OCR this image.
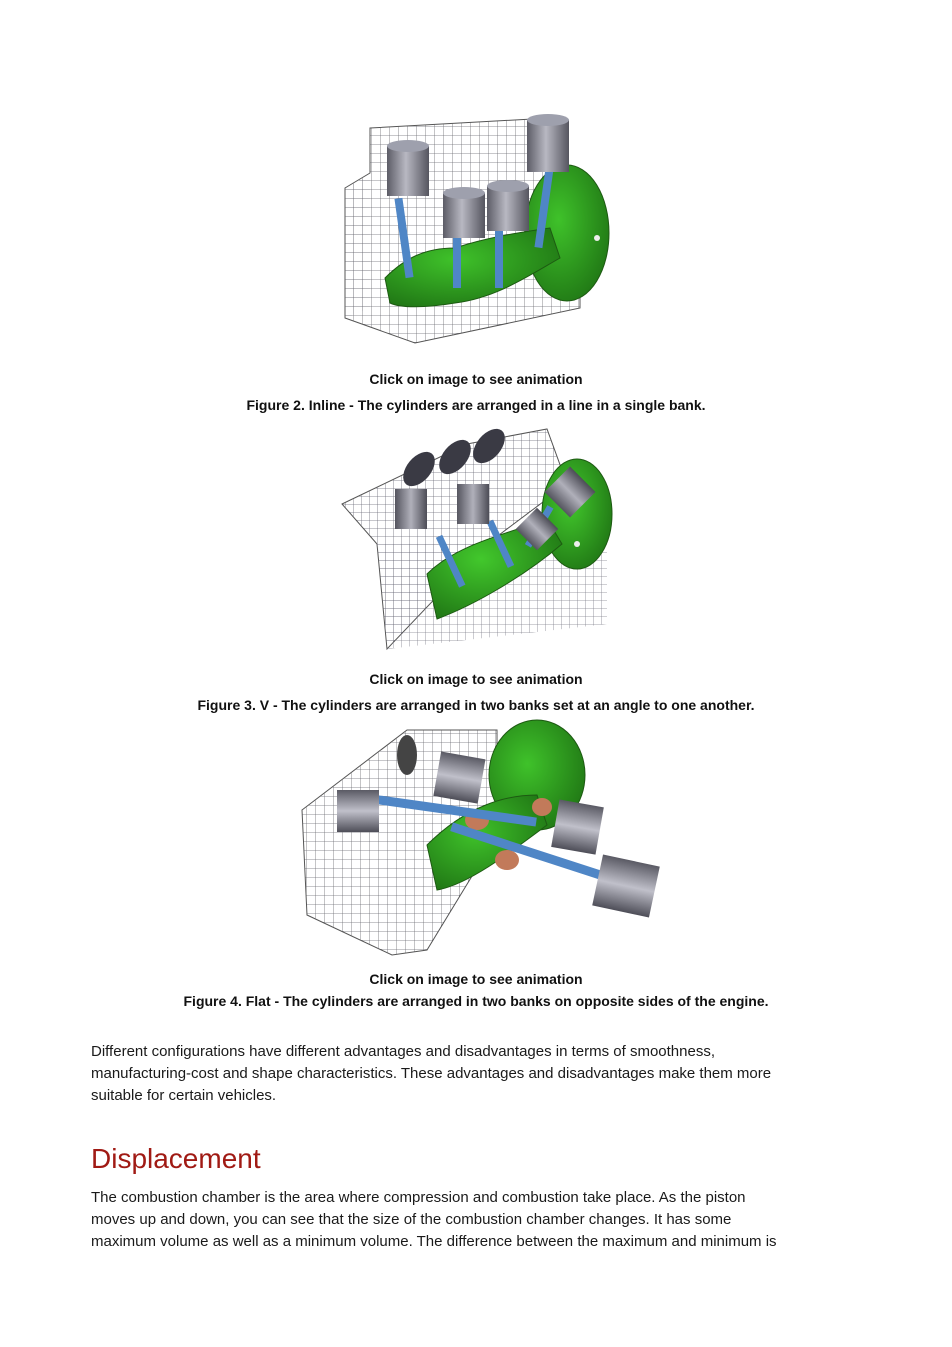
Click on image to see animation
Figure 2. Inline - The cylinders are arranged in a line in a single bank.
Click on image to see animation
Figure 3. V - The cylinders are arranged in two banks set at an angle to one another.
Click on image to see animation
Figure 4. Flat - The cylinders are arranged in two banks on opposite sides of the engine.
Different configurations have different advantages and disadvantages in terms of smoothness,
manufacturing-cost and shape characteristics. These advantages and disadvantages make them more
suitable for certain vehicles.
Displacement
The combustion chamber is the area where compression and combustion take place. As the piston
moves up and down, you can see that the size of the combustion chamber changes. It has some
maximum volume as well as a minimum volume. The difference between the maximum and minimum is
